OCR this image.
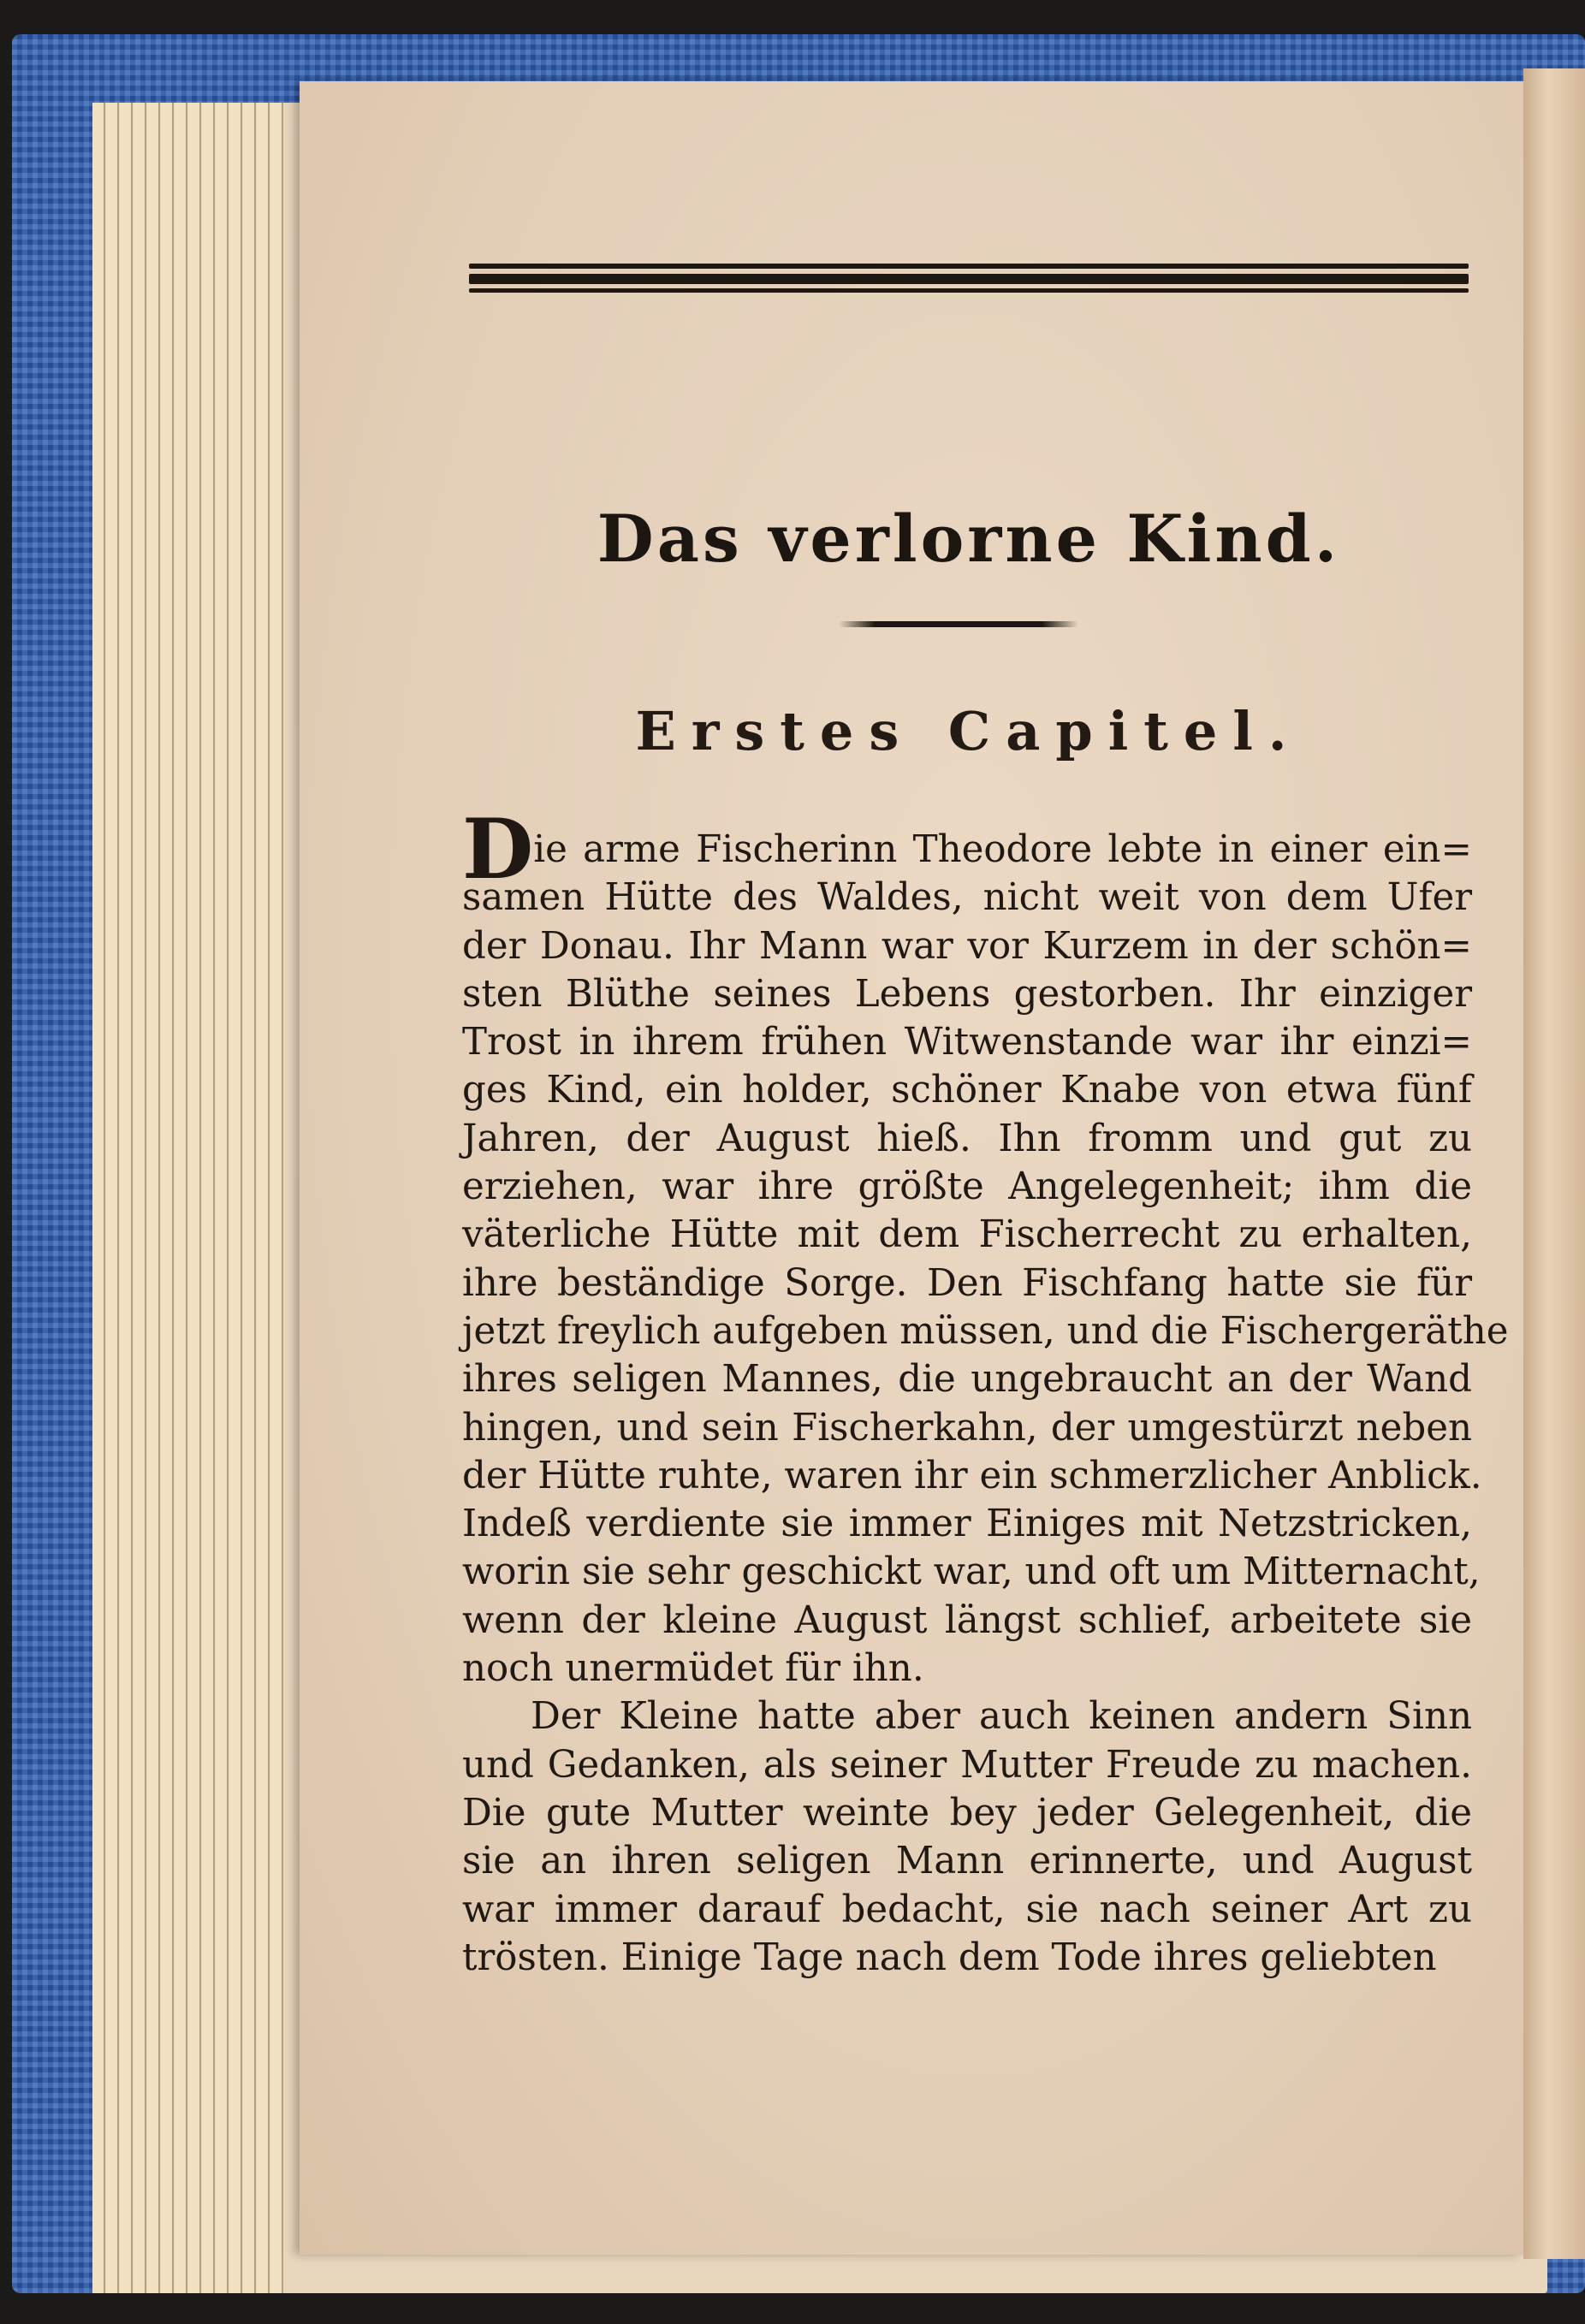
Das verlorne Kind.
Erstes Capitel.
Die arme Fischerinn Theodore lebte in einer ein=
samen Hütte des Waldes, nicht weit von dem Ufer
der Donau. Ihr Mann war vor Kurzem in der schön=
sten Blüthe seines Lebens gestorben. Ihr einziger
Trost in ihrem frühen Witwenstande war ihr einzi=
ges Kind, ein holder, schöner Knabe von etwa fünf
Jahren, der August hieß. Ihn fromm und gut zu
erziehen, war ihre größte Angelegenheit; ihm die
väterliche Hütte mit dem Fischerrecht zu erhalten,
ihre beständige Sorge. Den Fischfang hatte sie für
jetzt freylich aufgeben müssen, und die Fischergeräthe
ihres seligen Mannes, die ungebraucht an der Wand
hingen, und sein Fischerkahn, der umgestürzt neben
der Hütte ruhte, waren ihr ein schmerzlicher Anblick.
Indeß verdiente sie immer Einiges mit Netzstricken,
worin sie sehr geschickt war, und oft um Mitternacht,
wenn der kleine August längst schlief, arbeitete sie
noch unermüdet für ihn.
Der Kleine hatte aber auch keinen andern Sinn
und Gedanken, als seiner Mutter Freude zu machen.
Die gute Mutter weinte bey jeder Gelegenheit, die
sie an ihren seligen Mann erinnerte, und August
war immer darauf bedacht, sie nach seiner Art zu
trösten. Einige Tage nach dem Tode ihres geliebten
